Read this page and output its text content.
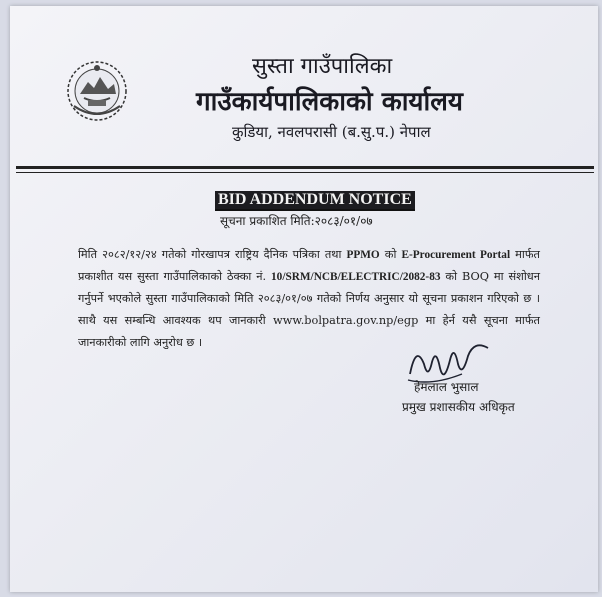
सुस्ता गाउँपालिका
गाउँकार्यपालिकाको कार्यालय
कुडिया, नवलपरासी (ब.सु.प.) नेपाल
BID ADDENDUM NOTICE
सूचना प्रकाशित मिति:२०८३/०१/०७
मिति २०८२/१२/२४ गतेको गोरखापत्र राष्ट्रिय दैनिक पत्रिका तथा PPMO को E-Procurement Portal मार्फत प्रकाशीत यस सुस्ता गाउँपालिकाको ठेक्का नं. 10/SRM/NCB/ELECTRIC/2082-83 को BOQ मा संशोधन गर्नुपर्ने भएकोले सुस्ता गाउँपालिकाको मिति २०८३/०१/०७ गतेको निर्णय अनुसार यो सूचना प्रकाशन गरिएको छ । साथै यस सम्बन्धि आवश्यक थप जानकारी www.bolpatra.gov.np/egp मा हेर्न यसै सूचना मार्फत जानकारीको लागि अनुरोध छ ।
हेमलाल भुसाल
प्रमुख प्रशासकीय अधिकृत
